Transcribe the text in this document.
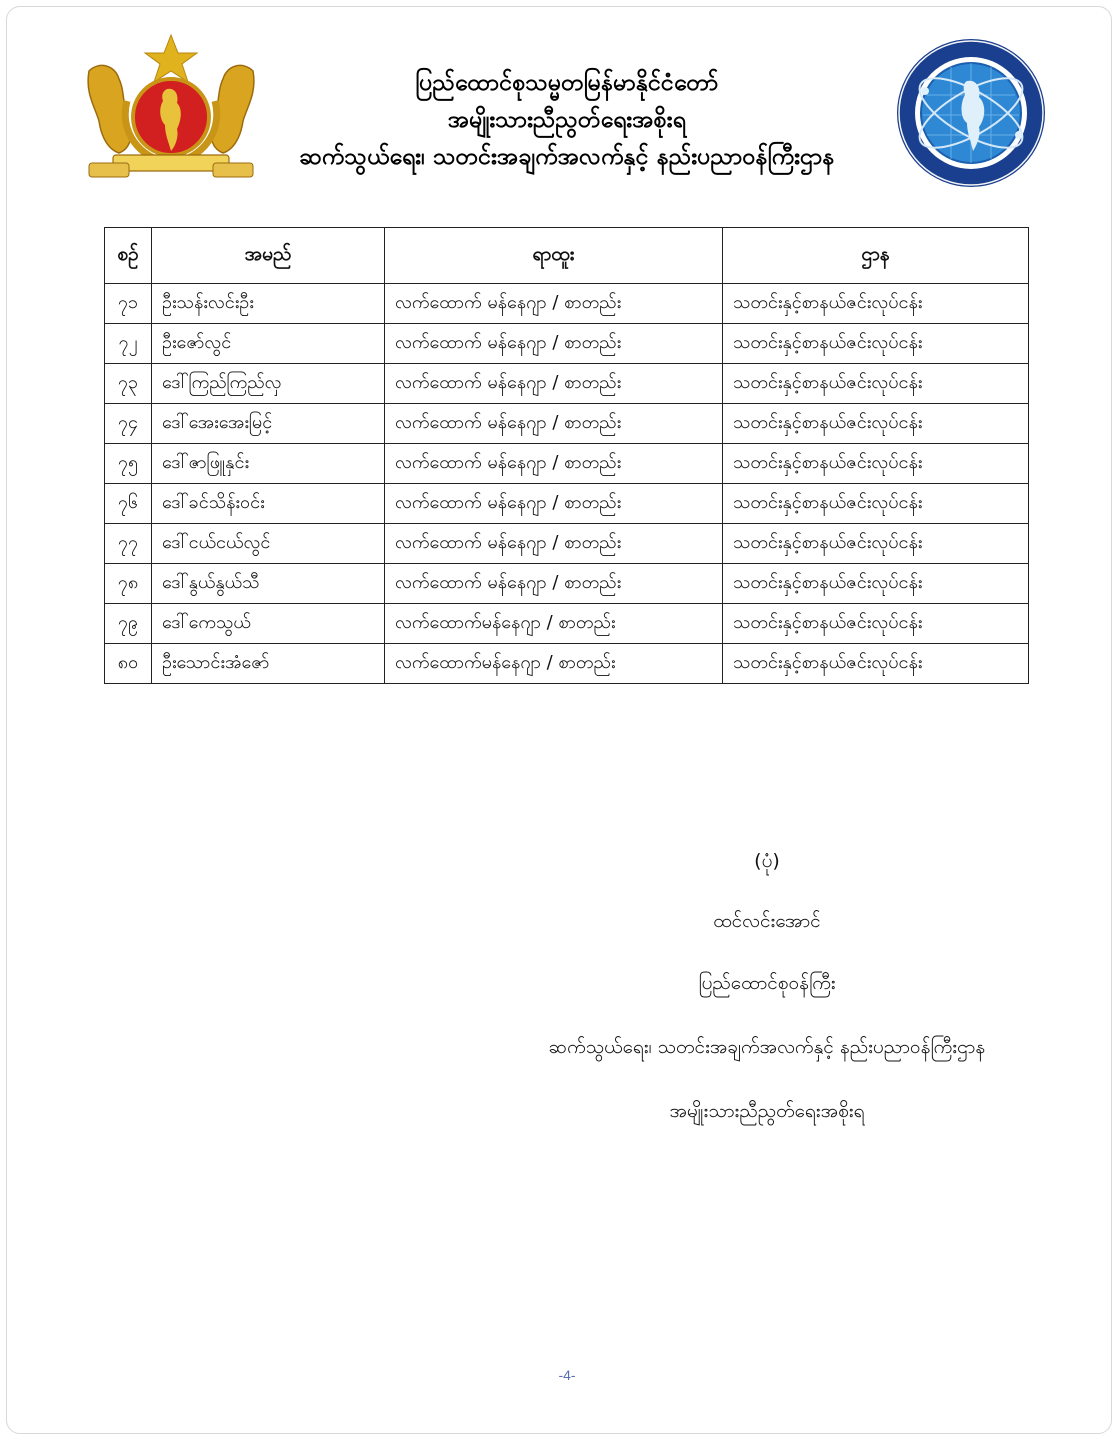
ပြည်ထောင်စုသမ္မတမြန်မာနိုင်ငံတော်
အမျိုးသားညီညွတ်ရေးအစိုးရ
ဆက်သွယ်ရေး၊ သတင်းအချက်အလက်နှင့် နည်းပညာဝန်ကြီးဌာန
စဉ်	အမည်	ရာထူး	ဌာန
၇၁	ဦးသန်းလင်းဦး	လက်ထောက် မန်နေဂျာ / စာတည်း	သတင်းနှင့်စာနယ်ဇင်းလုပ်ငန်း
၇၂	ဦးဇော်လွင်	လက်ထောက် မန်နေဂျာ / စာတည်း	သတင်းနှင့်စာနယ်ဇင်းလုပ်ငန်း
၇၃	ဒေါ်ကြည်ကြည်လှ	လက်ထောက် မန်နေဂျာ / စာတည်း	သတင်းနှင့်စာနယ်ဇင်းလုပ်ငန်း
၇၄	ဒေါ်အေးအေးမြင့်	လက်ထောက် မန်နေဂျာ / စာတည်း	သတင်းနှင့်စာနယ်ဇင်းလုပ်ငန်း
၇၅	ဒေါ်ဇာဖြူနှင်း	လက်ထောက် မန်နေဂျာ / စာတည်း	သတင်းနှင့်စာနယ်ဇင်းလုပ်ငန်း
၇၆	ဒေါ်ခင်သိန်းဝင်း	လက်ထောက် မန်နေဂျာ / စာတည်း	သတင်းနှင့်စာနယ်ဇင်းလုပ်ငန်း
၇၇	ဒေါ်ငယ်ငယ်လွင်	လက်ထောက် မန်နေဂျာ / စာတည်း	သတင်းနှင့်စာနယ်ဇင်းလုပ်ငန်း
၇၈	ဒေါ်နွယ်နွယ်သီ	လက်ထောက် မန်နေဂျာ / စာတည်း	သတင်းနှင့်စာနယ်ဇင်းလုပ်ငန်း
၇၉	ဒေါ်ကေသွယ်	လက်ထောက်မန်နေဂျာ / စာတည်း	သတင်းနှင့်စာနယ်ဇင်းလုပ်ငန်း
၈၀	ဦးသောင်းအံဇော်	လက်ထောက်မန်နေဂျာ / စာတည်း	သတင်းနှင့်စာနယ်ဇင်းလုပ်ငန်း
(ပုံ)
ထင်လင်းအောင်
ပြည်ထောင်စုဝန်ကြီး
ဆက်သွယ်ရေး၊ သတင်းအချက်အလက်နှင့် နည်းပညာဝန်ကြီးဌာန
အမျိုးသားညီညွတ်ရေးအစိုးရ
-4-
